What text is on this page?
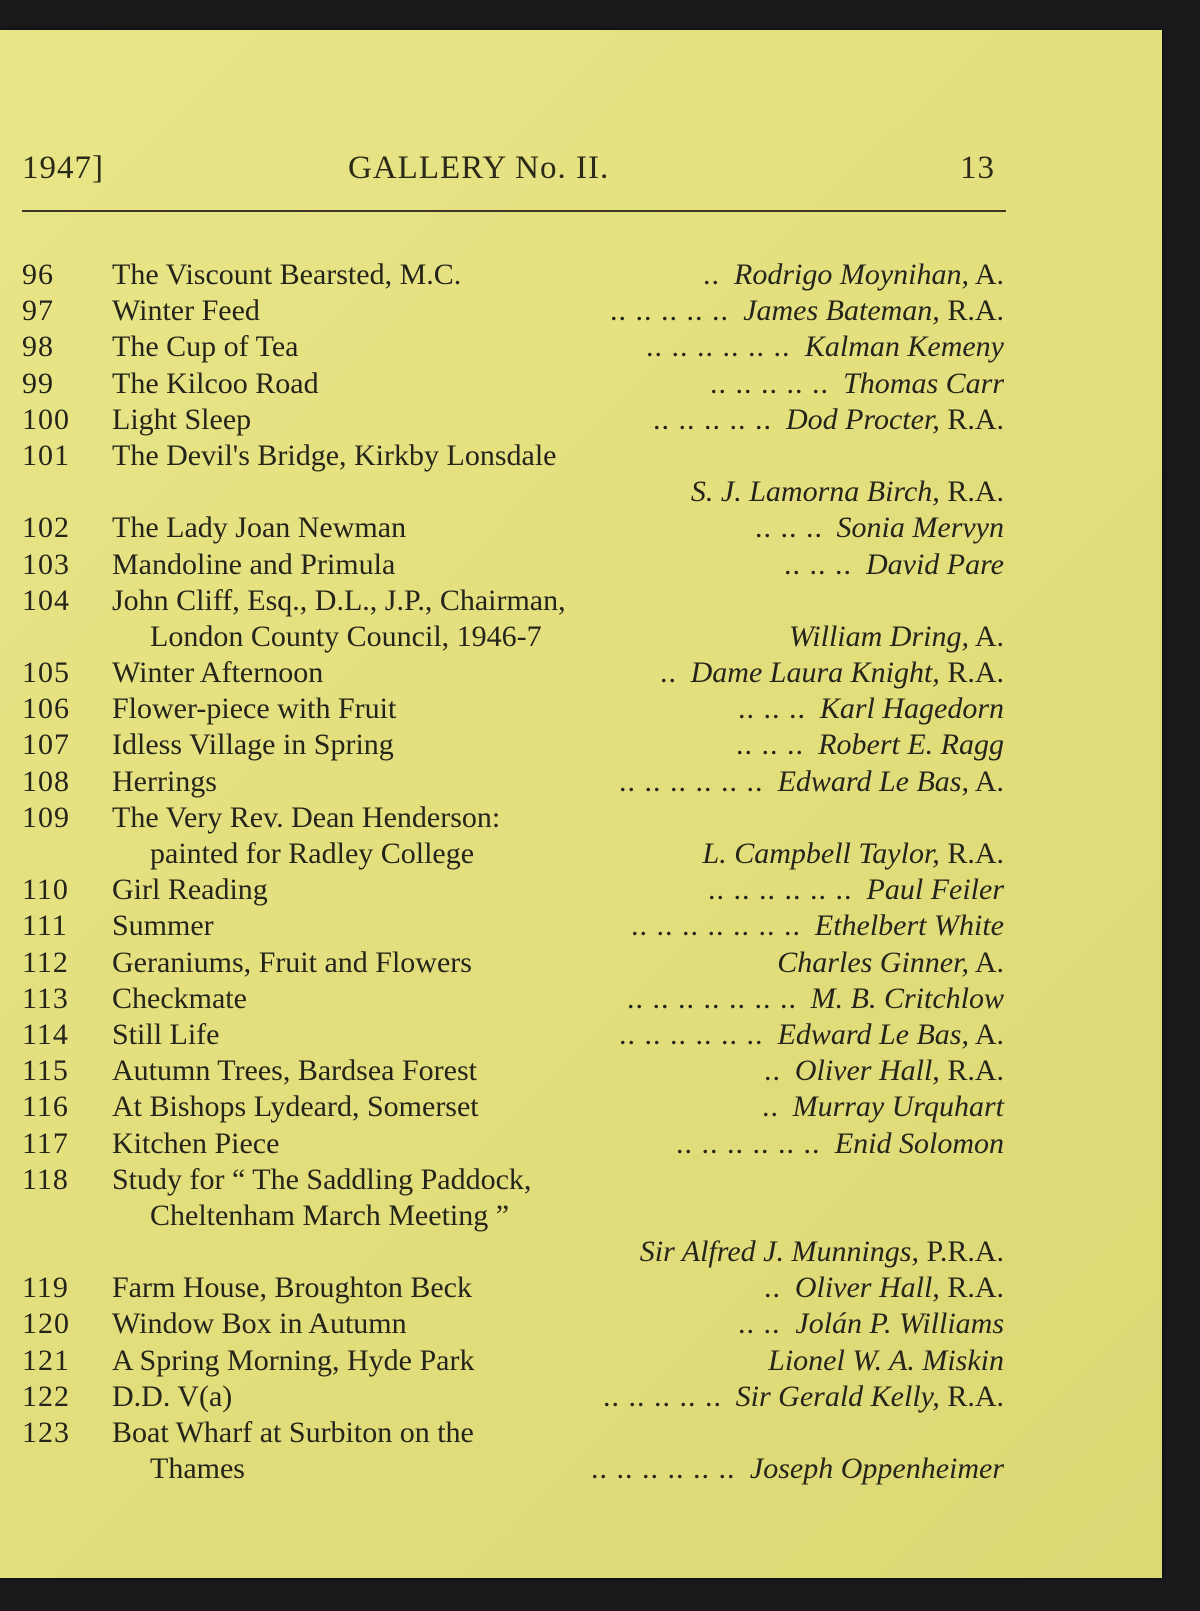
1947]	GALLERY No. II.	13
96	The Viscount Bearsted, M.C.	.. Rodrigo Moynihan, A.
97	Winter Feed	.. .. .. .. .. James Bateman, R.A.
98	The Cup of Tea	.. .. .. .. .. .. Kalman Kemeny
99	The Kilcoo Road	.. .. .. .. .. Thomas Carr
100	Light Sleep	.. .. .. .. .. Dod Procter, R.A.
101	The Devil's Bridge, Kirkby Lonsdale
S. J. Lamorna Birch, R.A.
102	The Lady Joan Newman	.. .. .. Sonia Mervyn
103	Mandoline and Primula	.. .. .. David Pare
104	John Cliff, Esq., D.L., J.P., Chairman,
London County Council, 1946-7	William Dring, A.
105	Winter Afternoon	.. Dame Laura Knight, R.A.
106	Flower-piece with Fruit	.. .. .. Karl Hagedorn
107	Idless Village in Spring	.. .. .. Robert E. Ragg
108	Herrings	.. .. .. .. .. .. Edward Le Bas, A.
109	The Very Rev. Dean Henderson:
painted for Radley College	L. Campbell Taylor, R.A.
110	Girl Reading	.. .. .. .. .. .. Paul Feiler
111	Summer	.. .. .. .. .. .. .. Ethelbert White
112	Geraniums, Fruit and Flowers	Charles Ginner, A.
113	Checkmate	.. .. .. .. .. .. .. M. B. Critchlow
114	Still Life	.. .. .. .. .. .. Edward Le Bas, A.
115	Autumn Trees, Bardsea Forest	.. Oliver Hall, R.A.
116	At Bishops Lydeard, Somerset	.. Murray Urquhart
117	Kitchen Piece	.. .. .. .. .. .. Enid Solomon
118	Study for “ The Saddling Paddock,
Cheltenham March Meeting ”
Sir Alfred J. Munnings, P.R.A.
119	Farm House, Broughton Beck	.. Oliver Hall, R.A.
120	Window Box in Autumn	.. .. Jolán P. Williams
121	A Spring Morning, Hyde Park	Lionel W. A. Miskin
122	D.D. V(a)	.. .. .. .. .. Sir Gerald Kelly, R.A.
123	Boat Wharf at Surbiton on the
Thames	.. .. .. .. .. .. Joseph Oppenheimer
